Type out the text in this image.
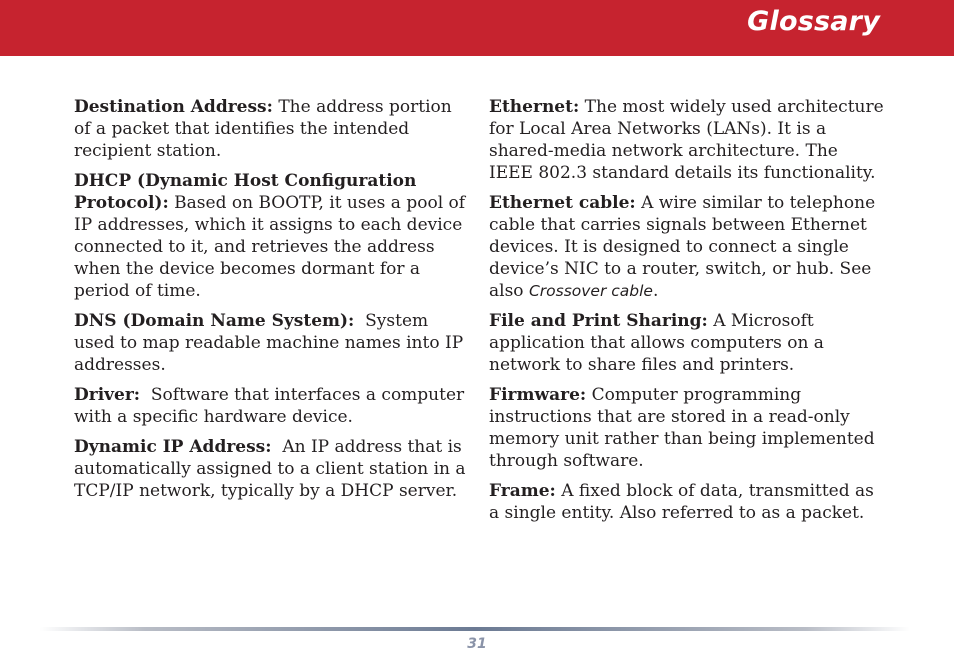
Glossary

Destination Address: The address portion of a packet that identifies the intended recipient station.

DHCP (Dynamic Host Configuration Protocol): Based on BOOTP, it uses a pool of IP addresses, which it assigns to each device connected to it, and retrieves the address when the device becomes dormant for a period of time.

DNS (Domain Name System):  System used to map readable machine names into IP addresses.

Driver:  Software that interfaces a computer with a specific hardware device.

Dynamic IP Address:  An IP address that is automatically assigned to a client station in a TCP/IP network, typically by a DHCP server.

Ethernet: The most widely used architecture for Local Area Networks (LANs). It is a shared-media network architecture. The IEEE 802.3 standard details its functionality.

Ethernet cable: A wire similar to telephone cable that carries signals between Ethernet devices. It is designed to connect a single device’s NIC to a router, switch, or hub. See also Crossover cable.

File and Print Sharing: A Microsoft application that allows computers on a network to share files and printers.

Firmware: Computer programming instructions that are stored in a read-only memory unit rather than being implemented through software.

Frame: A fixed block of data, transmitted as a single entity. Also referred to as a packet.

31
